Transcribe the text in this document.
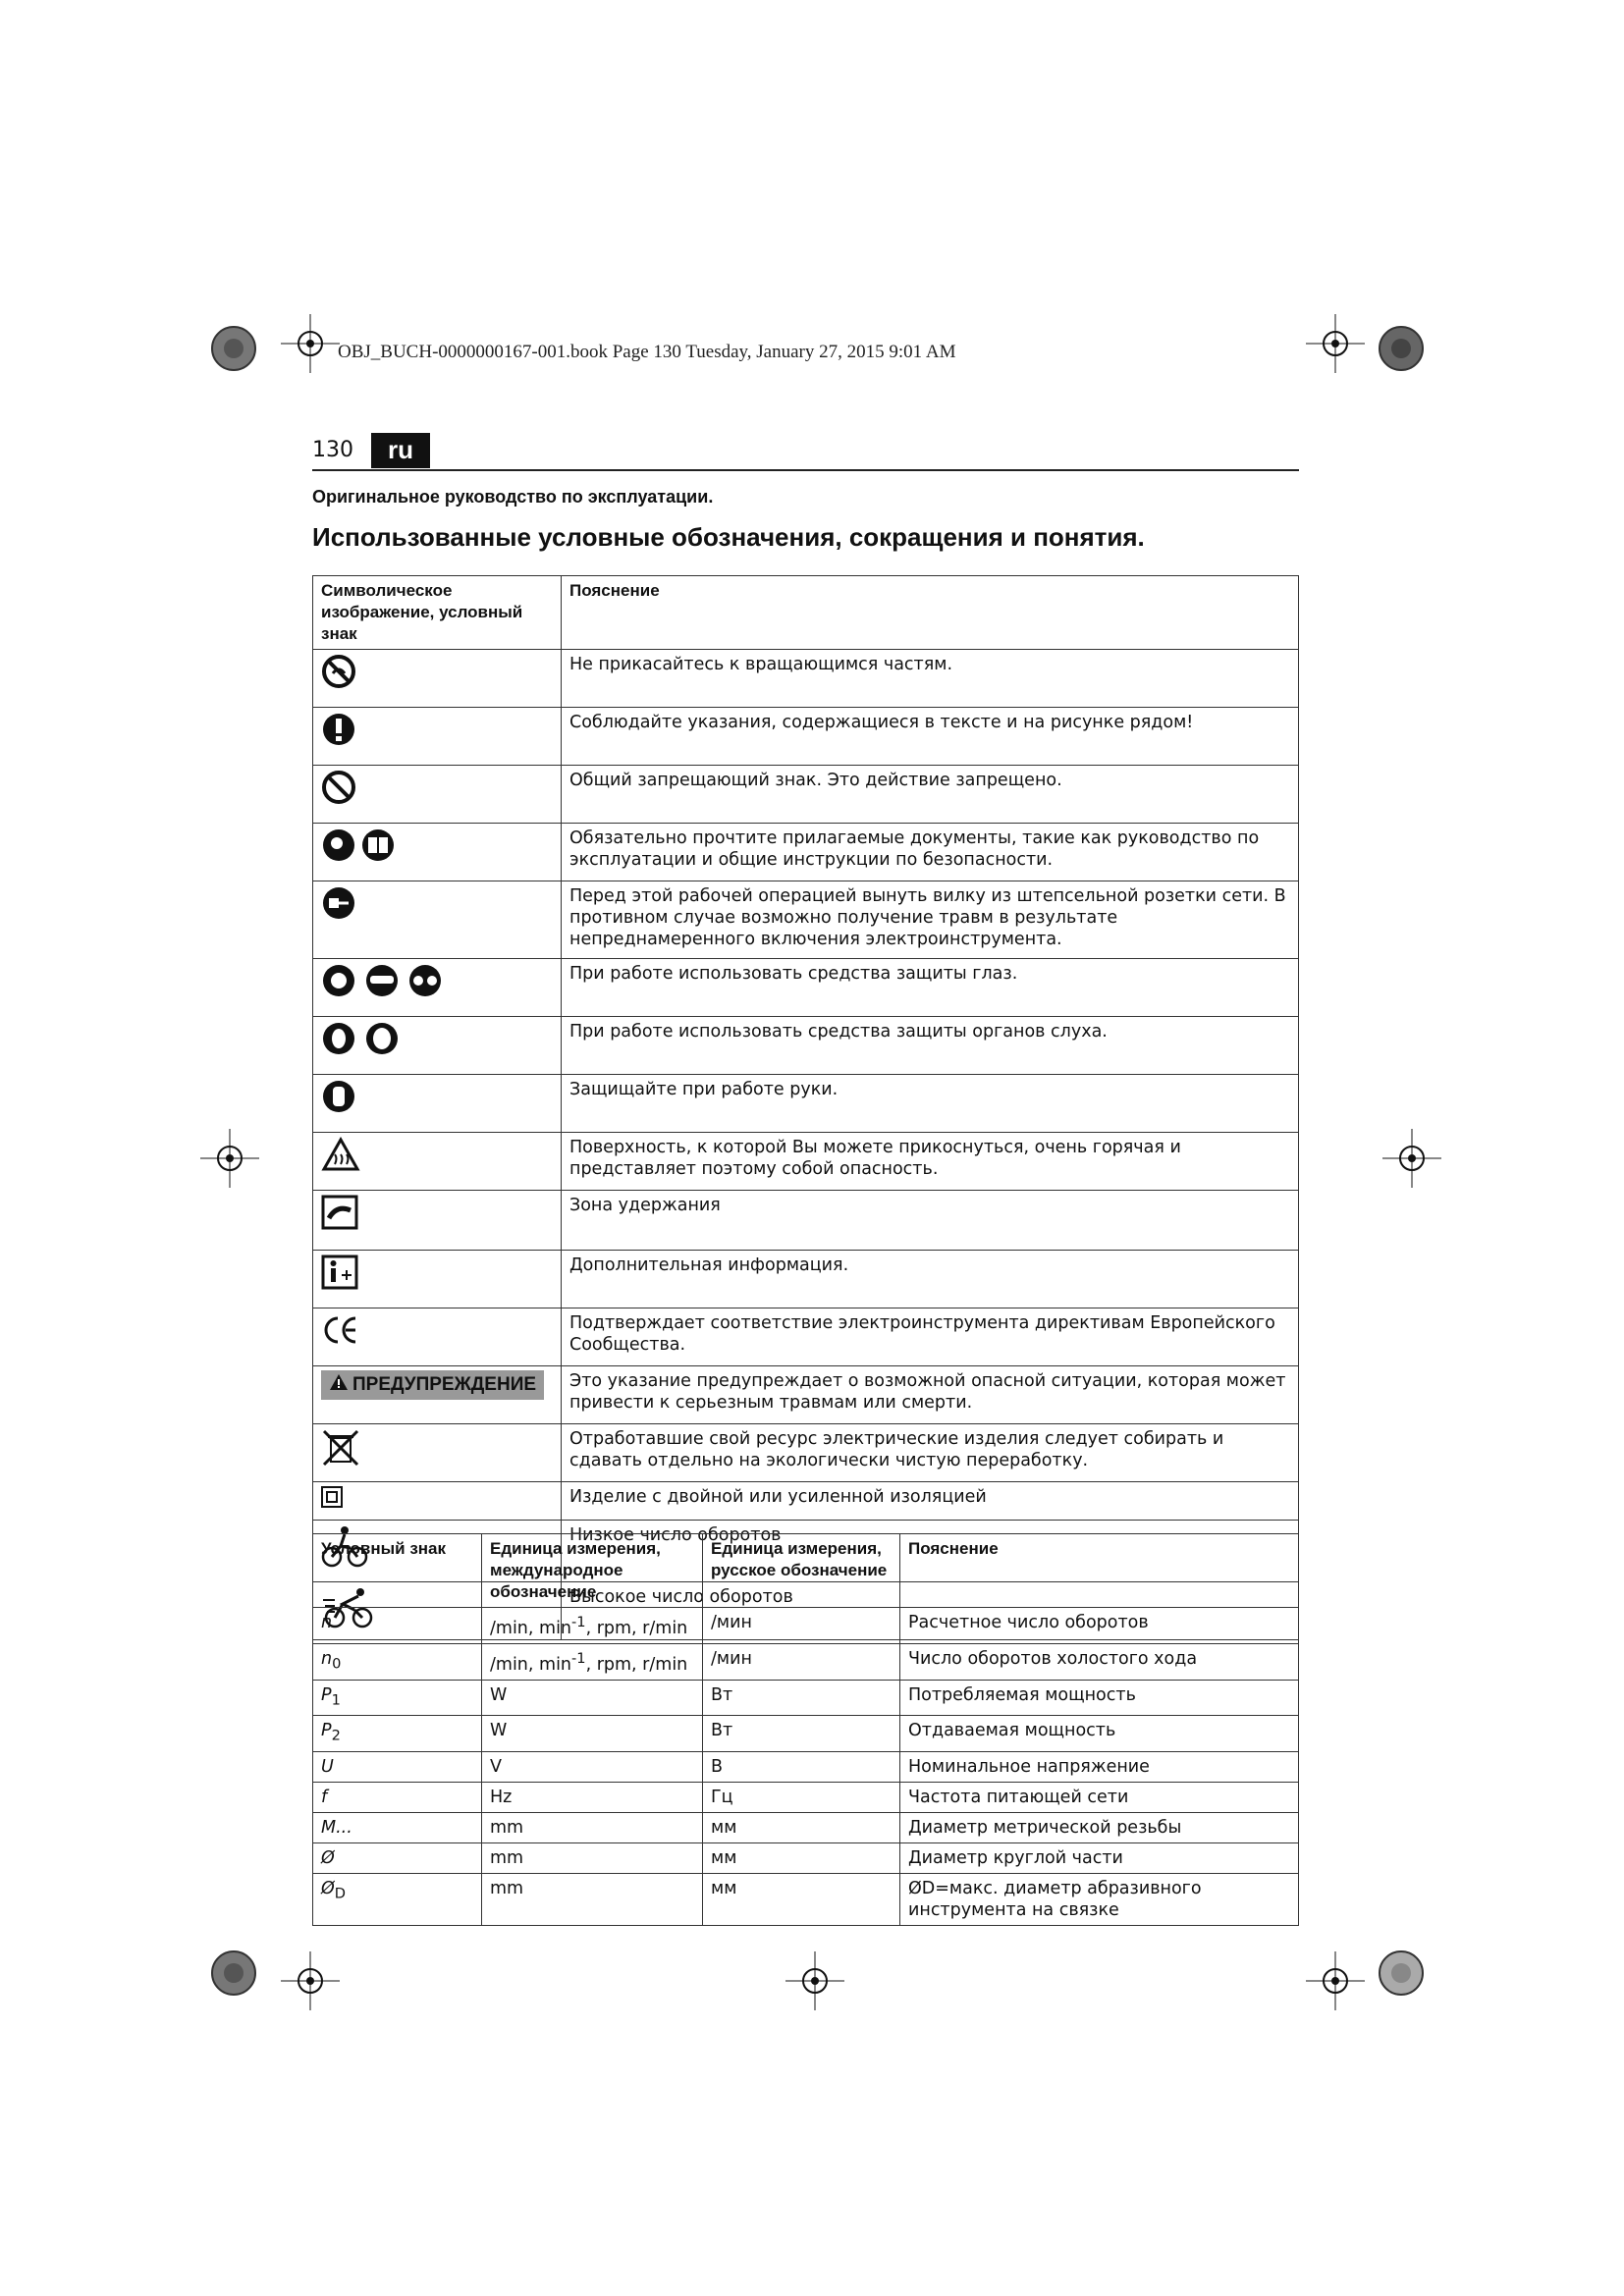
OBJ_BUCH-0000000167-001.book Page 130 Tuesday, January 27, 2015 9:01 AM
130	ru
Оригинальное руководство по эксплуатации.
Использованные условные обозначения, сокращения и понятия.
Символическое изображение, условный знак	Пояснение
	Не прикасайтесь к вращающимся частям.
	Соблюдайте указания, содержащиеся в тексте и на рисунке рядом!
	Общий запрещающий знак. Это действие запрещено.
	Обязательно прочтите прилагаемые документы, такие как руководство по эксплуатации и общие инструкции по безопасности.
	Перед этой рабочей операцией вынуть вилку из штепсельной розетки сети. В противном случае возможно получение травм в результате непреднамеренного включения электроинструмента.
	При работе использовать средства защиты глаз.
	При работе использовать средства защиты органов слуха.
	Защищайте при работе руки.
	Поверхность, к которой Вы можете прикоснуться, очень горячая и представляет поэтому собой опасность.
	Зона удержания
	Дополнительная информация.
	Подтверждает соответствие электроинструмента директивам Европейского Сообщества.
ПРЕДУПРЕЖДЕНИЕ	Это указание предупреждает о возможной опасной ситуации, которая может привести к серьезным травмам или смерти.
	Отработавшие свой ресурс электрические изделия следует собирать и сдавать отдельно на экологически чистую переработку.
	Изделие с двойной или усиленной изоляцией
	Низкое число оборотов
	Высокое число оборотов
Условный знак	Единица измерения, международное обозначение	Единица измерения, русское обозначение	Пояснение
n	/min, $\min^{-1}$, rpm, r/min	/мин	Расчетное число оборотов
$n_0$	/min, $\min^{-1}$, rpm, r/min	/мин	Число оборотов холостого хода
$P_1$	W	Вт	Потребляемая мощность
$P_2$	W	Вт	Отдаваемая мощность
U	V	В	Номинальное напряжение
f	Hz	Гц	Частота питающей сети
M...	mm	мм	Диаметр метрической резьбы
Ø	mm	мм	Диаметр круглой части
$Ø_D$	mm	мм	ØD=макс. диаметр абразивного инструмента на связке
